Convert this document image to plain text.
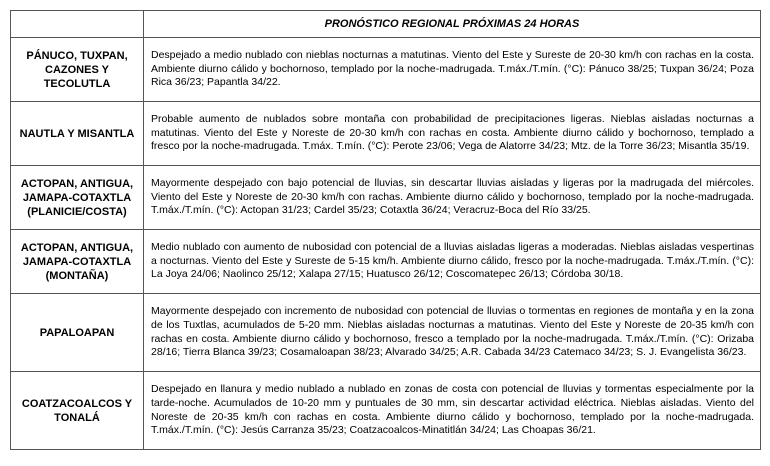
	PRONÓSTICO REGIONAL PRÓXIMAS 24 HORAS
PÁNUCO, TUXPAN, CAZONES Y TECOLUTLA	Despejado a medio nublado con nieblas nocturnas a matutinas. Viento del Este y Sureste de 20-30 km/h con rachas en la costa. Ambiente diurno cálido y bochornoso, templado por la noche-madrugada. T.máx./T.mín. (°C): Pánuco 38/25; Tuxpan 36/24; Poza Rica 36/23; Papantla 34/22.
NAUTLA Y MISANTLA	Probable aumento de nublados sobre montaña con probabilidad de precipitaciones ligeras. Nieblas aisladas nocturnas a matutinas. Viento del Este y Noreste de 20-30 km/h con rachas en costa. Ambiente diurno cálido y bochornoso, templado a fresco por la noche-madrugada. T.máx. T.mín. (°C): Perote 23/06; Vega de Alatorre 34/23; Mtz. de la Torre 36/23; Misantla 35/19.
ACTOPAN, ANTIGUA, JAMAPA-COTAXTLA (PLANICIE/COSTA)	Mayormente despejado con bajo potencial de lluvias, sin descartar lluvias aisladas y ligeras por la madrugada del miércoles. Viento del Este y Noreste de 20-30 km/h con rachas. Ambiente diurno cálido y bochornoso, templado por la noche-madrugada. T.máx./T.mín. (°C): Actopan 31/23; Cardel 35/23; Cotaxtla 36/24; Veracruz-Boca del Río 33/25.
ACTOPAN, ANTIGUA, JAMAPA-COTAXTLA (MONTAÑA)	Medio nublado con aumento de nubosidad con potencial de a lluvias aisladas ligeras a moderadas. Nieblas aisladas vespertinas a nocturnas. Viento del Este y Sureste de 5-15 km/h. Ambiente diurno cálido, fresco por la noche-madrugada. T.máx./T.mín. (°C): La Joya 24/06; Naolinco 25/12; Xalapa 27/15; Huatusco 26/12; Coscomatepec 26/13; Córdoba 30/18.
PAPALOAPAN	Mayormente despejado con incremento de nubosidad con potencial de lluvias o tormentas en regiones de montaña y en la zona de los Tuxtlas, acumulados de 5-20 mm. Nieblas aisladas nocturnas a matutinas. Viento del Este y Noreste de 20-35 km/h con rachas en costa. Ambiente diurno cálido y bochornoso, fresco a templado por la noche-madrugada. T.máx./T.mín. (°C): Orizaba 28/16; Tierra Blanca 39/23; Cosamaloapan 38/23; Alvarado 34/25; A.R. Cabada 34/23 Catemaco 34/23; S. J. Evangelista 36/23.
COATZACOALCOS Y TONALÁ	Despejado en llanura y medio nublado a nublado en zonas de costa con potencial de lluvias y tormentas especialmente por la tarde-noche. Acumulados de 10-20 mm y puntuales de 30 mm, sin descartar actividad eléctrica. Nieblas aisladas. Viento del Noreste de 20-35 km/h con rachas en costa. Ambiente diurno cálido y bochornoso, templado por la noche-madrugada. T.máx./T.mín. (°C): Jesús Carranza 35/23; Coatzacoalcos-Minatitlán 34/24; Las Choapas 36/21.
